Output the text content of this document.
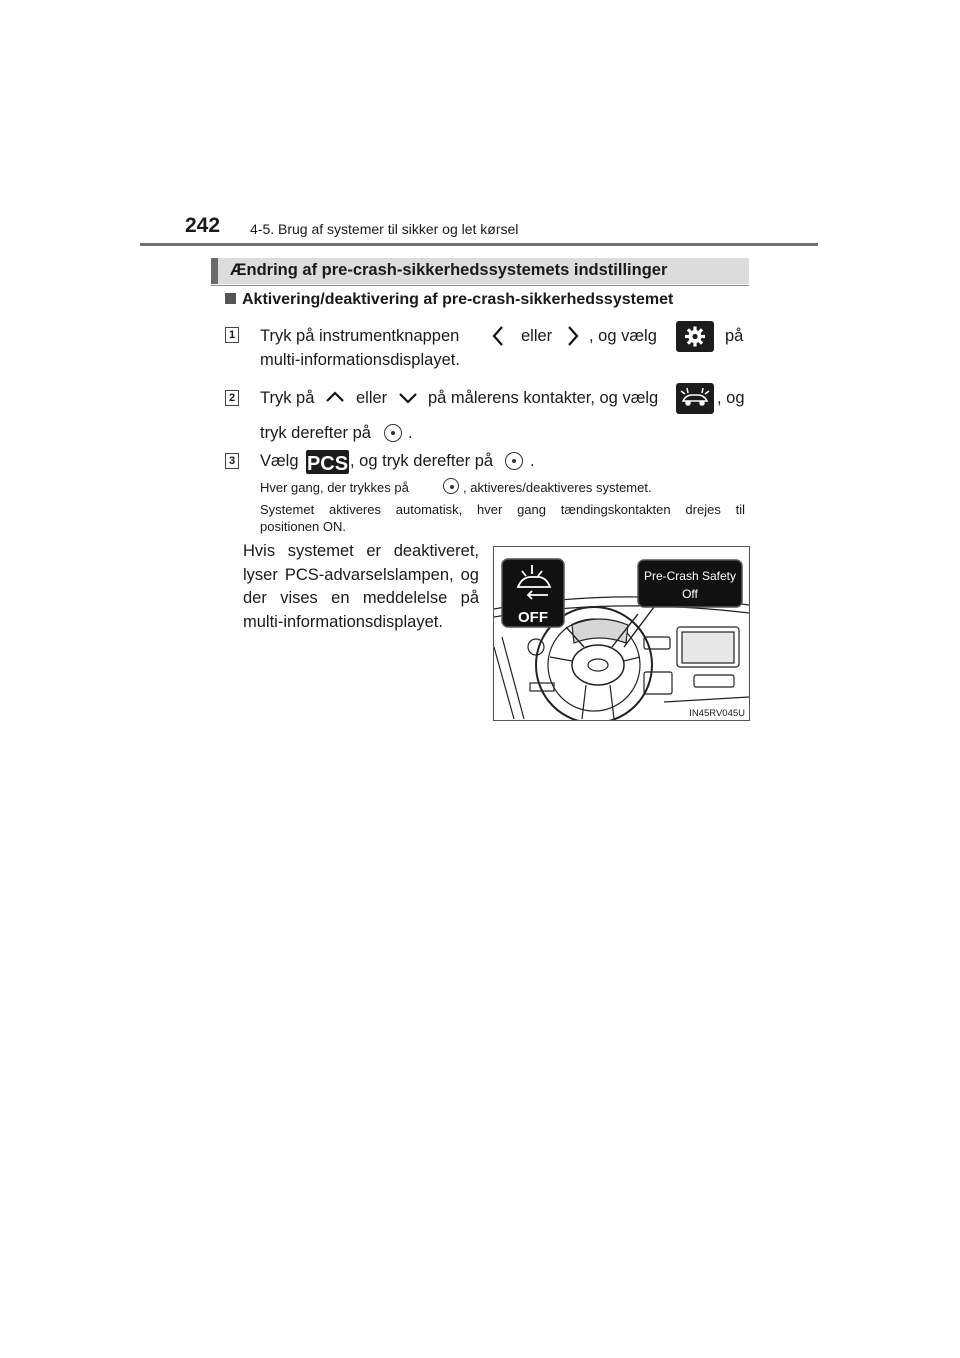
242 4-5. Brug af systemer til sikker og let kørsel
Ændring af pre-crash-sikkerhedssystemets indstillinger
Aktivering/deaktivering af pre-crash-sikkerhedssystemet
1 Tryk på instrumentknappen	eller , og vælg	på
multi-informationsdisplayet.
2 Tryk på	eller på målerens kontakter, og vælg	, og
tryk derefter på .
3 Vælg PCS , og tryk derefter på .
Hver gang, der trykkes på	, aktiveres/deaktiveres systemet.
Systemet aktiveres automatisk, hver gang tændingskontakten drejes til
positionen ON.
Hvis systemet er deaktiveret, lyser PCS-advarselslampen, og der vises en meddelelse på multi-informationsdisplayet.	OFF
Pre-Crash Safety
Off
IN45RV045U
